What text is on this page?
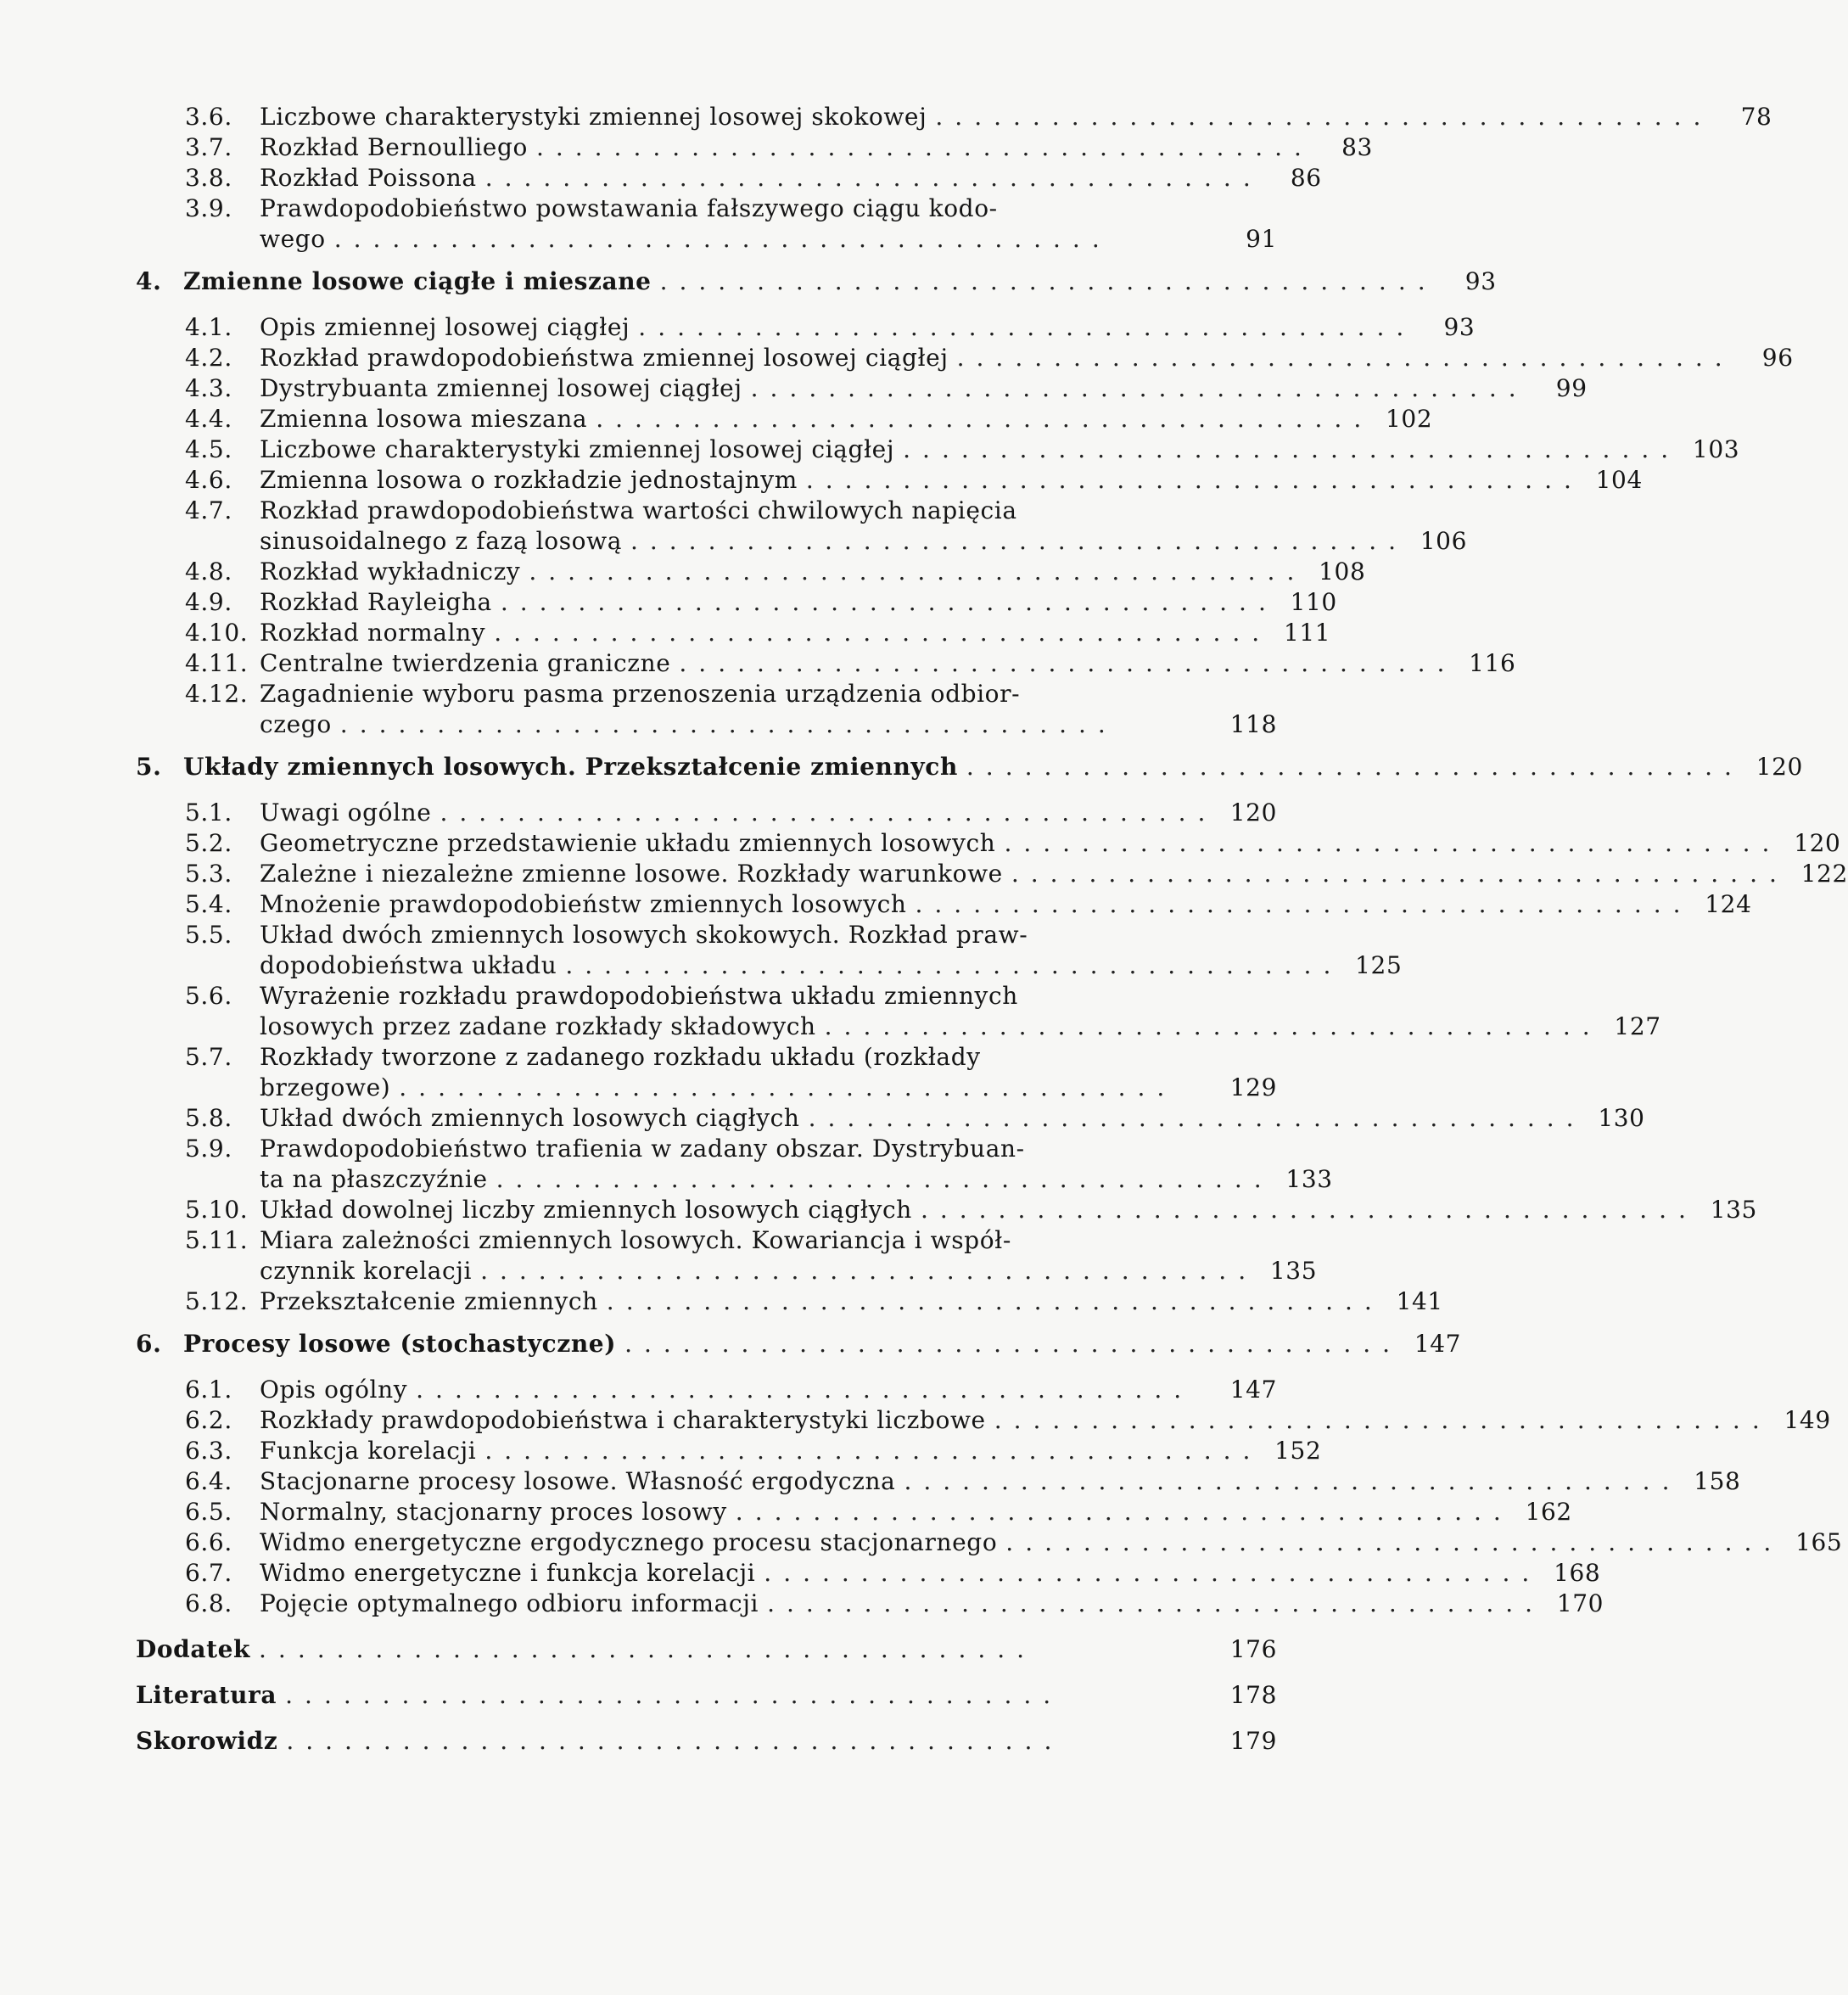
3.6.	Liczbowe charakterystyki zmiennej losowej skokowej ........................................	78
3.7.	Rozkład Bernoulliego ........................................	83
3.8.	Rozkład Poissona ........................................	86
3.9.	Prawdopodobieństwo powstawania fałszywego ciągu kodo-
wego ........................................	91
4. Zmienne losowe ciągłe i mieszane ........................................	93
4.1.	Opis zmiennej losowej ciągłej ........................................	93
4.2.	Rozkład prawdopodobieństwa zmiennej losowej ciągłej ........................................	96
4.3.	Dystrybuanta zmiennej losowej ciągłej ........................................	99
4.4.	Zmienna losowa mieszana ........................................ 102
4.5.	Liczbowe charakterystyki zmiennej losowej ciągłej ........................................ 103
4.6.	Zmienna losowa o rozkładzie jednostajnym ........................................ 104
4.7.	Rozkład prawdopodobieństwa wartości chwilowych napięcia
sinusoidalnego z fazą losową ........................................ 106
4.8.	Rozkład wykładniczy ........................................ 108
4.9.	Rozkład Rayleigha ........................................ 110
4.10. Rozkład normalny ........................................ 111
4.11. Centralne twierdzenia graniczne ........................................ 116
4.12. Zagadnienie wyboru pasma przenoszenia urządzenia odbior-
czego ........................................	118
5. Układy zmiennych losowych. Przekształcenie zmiennych ........................................ 120
5.1.	Uwagi ogólne ........................................ 120
5.2.	Geometryczne przedstawienie układu zmiennych losowych ........................................ 120
5.3.	Zależne i niezależne zmienne losowe. Rozkłady warunkowe ........................................ 122
5.4.	Mnożenie prawdopodobieństw zmiennych losowych ........................................ 124
5.5.	Układ dwóch zmiennych losowych skokowych. Rozkład praw-
dopodobieństwa układu ........................................ 125
5.6.	Wyrażenie rozkładu prawdopodobieństwa układu zmiennych
losowych przez zadane rozkłady składowych ........................................ 127
5.7.	Rozkłady tworzone z zadanego rozkładu układu (rozkłady
brzegowe) ........................................	129
5.8.	Układ dwóch zmiennych losowych ciągłych ........................................ 130
5.9.	Prawdopodobieństwo trafienia w zadany obszar. Dystrybuan-
ta na płaszczyźnie ........................................ 133
5.10. Układ dowolnej liczby zmiennych losowych ciągłych ........................................ 135
5.11. Miara zależności zmiennych losowych. Kowariancja i współ-
czynnik korelacji ........................................ 135
5.12. Przekształcenie zmiennych ........................................ 141
6. Procesy losowe (stochastyczne) ........................................ 147
6.1.	Opis ogólny ........................................	147
6.2.	Rozkłady prawdopodobieństwa i charakterystyki liczbowe ........................................ 149
6.3.	Funkcja korelacji ........................................ 152
6.4.	Stacjonarne procesy losowe. Własność ergodyczna ........................................ 158
6.5.	Normalny, stacjonarny proces losowy ........................................ 162
6.6.	Widmo energetyczne ergodycznego procesu stacjonarnego ........................................ 165
6.7.	Widmo energetyczne i funkcja korelacji ........................................ 168
6.8.	Pojęcie optymalnego odbioru informacji ........................................ 170
Dodatek ........................................	176
Literatura ........................................	178
Skorowidz ........................................	179
